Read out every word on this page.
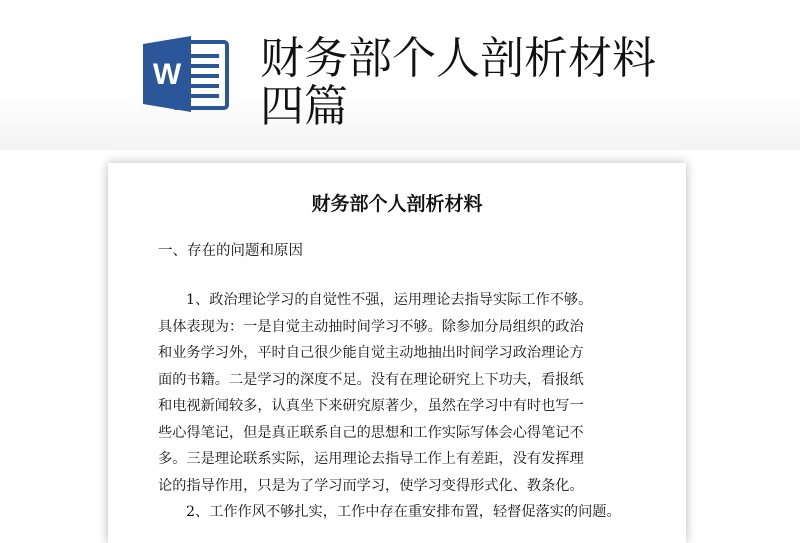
W 财务部个人剖析材料
四篇
财务部个人剖析材料
一、存在的问题和原因
1、政治理论学习的自觉性不强，运用理论去指导实际工作不够。
具体表现为：一是自觉主动抽时间学习不够。除参加分局组织的政治
和业务学习外，平时自己很少能自觉主动地抽出时间学习政治理论方
面的书籍。二是学习的深度不足。没有在理论研究上下功夫，看报纸
和电视新闻较多，认真坐下来研究原著少，虽然在学习中有时也写一
些心得笔记，但是真正联系自己的思想和工作实际写体会心得笔记不
多。三是理论联系实际，运用理论去指导工作上有差距，没有发挥理
论的指导作用，只是为了学习而学习，使学习变得形式化、教条化。
2、工作作风不够扎实，工作中存在重安排布置，轻督促落实的问题。
